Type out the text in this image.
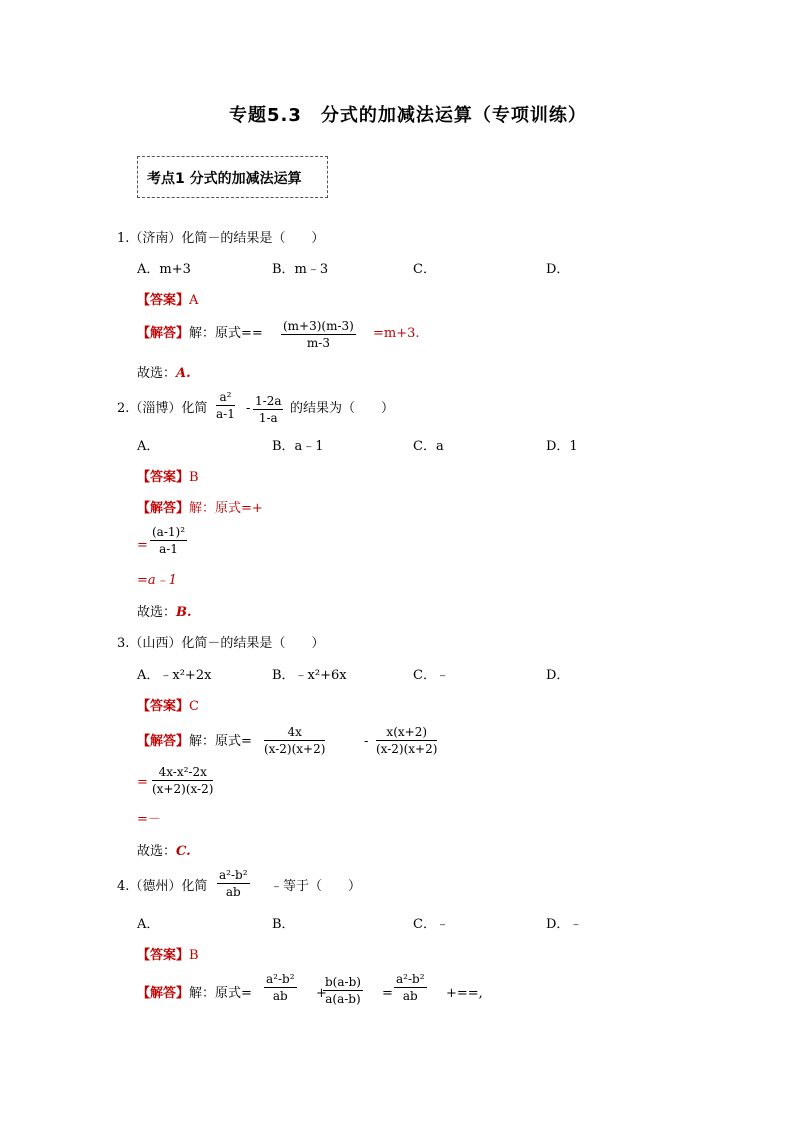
专题5.3　分式的加减法运算（专项训练）
考点1 分式的加减法运算
1.（济南）化简－的结果是（　　）
A．m+3	B．m﹣3	C．	D．
【答案】A
【解答】解：原式== $\frac{(m+3)(m-3)}{m-3} =m+3$.
故选：A.
2.（淄博）化简 $\frac{\text{a²}}{a-1} - \frac{1-2a}{1-a}$ 的结果为（　　）
A．	B．a﹣1	C．a	D．1
【答案】B
【解答】解：原式=+
= $\frac{\text{(a-1)²}}{a-1}$
=a﹣1
故选：B.
3.（山西）化简－的结果是（　　）
A．﹣x²+2x	B．﹣x²+6x	C．﹣	D．
【答案】C
【解答】解：原式= $\frac{4x}{(x-2)(x+2)}$	- $\frac{x(x+2)}{(x-2)(x+2)}$
= $\frac{\text{4x-x²-2x}}{(x+2)(x-2)}$
=－
故选：C.
4.（德州）化简 $\frac{\text{a²-b²}}{ab}$ ﹣等于（　　）
A．	B．	C．﹣	D．﹣
【答案】B
【解答】解：原式= $\frac{\text{a²-b²}}{ab}$ +
$\frac{b(a-b)}{a(a-b)} = \frac{\text{a²-b²}}{ab}$ +==,
